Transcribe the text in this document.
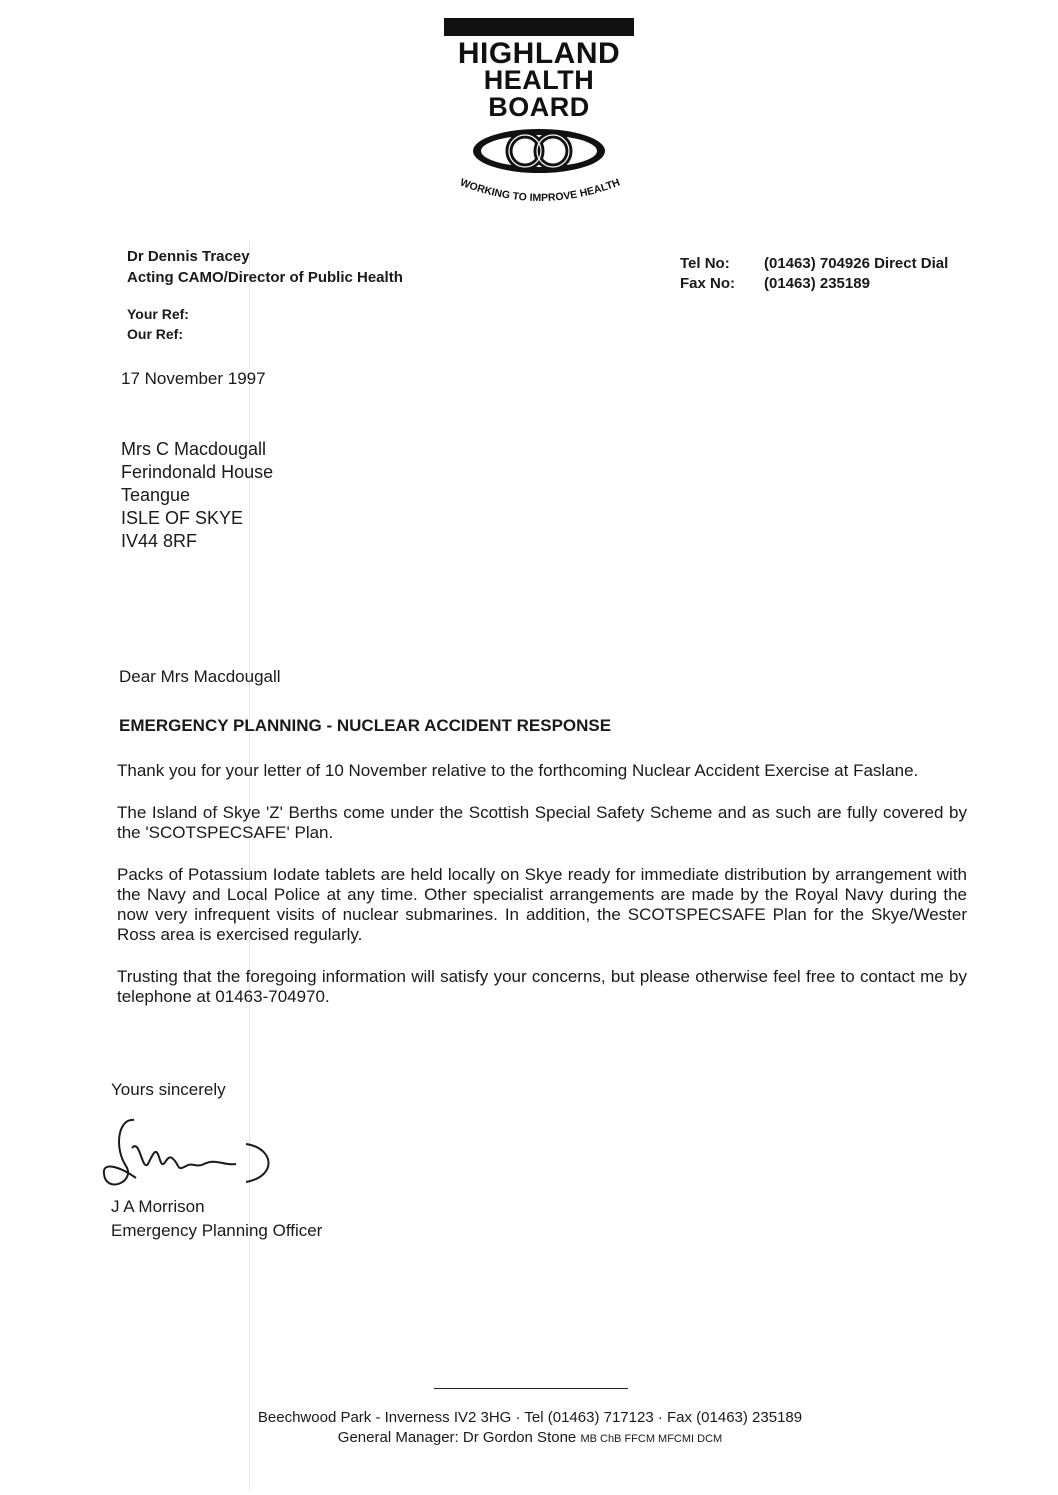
HIGHLAND
HEALTH BOARD
WORKING TO IMPROVE HEALTH
Dr Dennis Tracey
Acting CAMO/Director of Public Health
Tel No: (01463) 704926 Direct Dial
Fax No: (01463) 235189
Your Ref:
Our Ref:
17 November 1997
Mrs C Macdougall
Ferindonald House
Teangue
ISLE OF SKYE
IV44 8RF
Dear Mrs Macdougall
EMERGENCY PLANNING - NUCLEAR ACCIDENT RESPONSE

Thank you for your letter of 10 November relative to the forthcoming Nuclear Accident Exercise at Faslane.

The Island of Skye 'Z' Berths come under the Scottish Special Safety Scheme and as such are fully covered by the 'SCOTSPECSAFE' Plan.

Packs of Potassium Iodate tablets are held locally on Skye ready for immediate distribution by arrangement with the Navy and Local Police at any time. Other specialist arrangements are made by the Royal Navy during the now very infrequent visits of nuclear submarines. In addition, the SCOTSPECSAFE Plan for the Skye/Wester Ross area is exercised regularly.

Trusting that the foregoing information will satisfy your concerns, but please otherwise feel free to contact me by telephone at 01463-704970.

Yours sincerely
J A Morrison
Emergency Planning Officer
Beechwood Park - Inverness IV2 3HG · Tel (01463) 717123 · Fax (01463) 235189
General Manager: Dr Gordon Stone MB ChB FFCM MFCMI DCM
